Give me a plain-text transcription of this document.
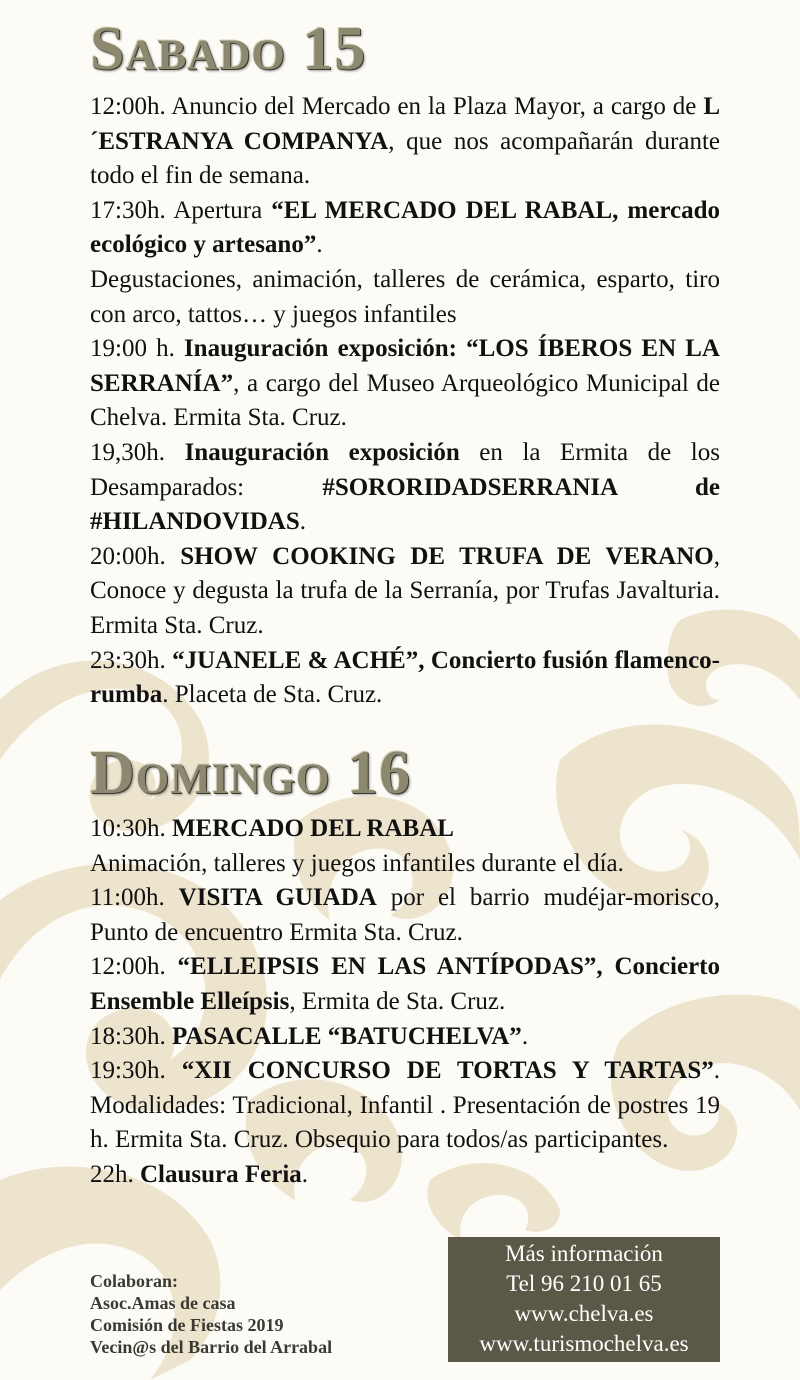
Sabado 15

12:00h. Anuncio del Mercado en la Plaza Mayor, a cargo de L´ESTRANYA COMPANYA, que nos acompañarán durante todo el fin de semana.

17:30h. Apertura “EL MERCADO DEL RABAL, mercado ecológico y artesano”.

Degustaciones, animación, talleres de cerámica, esparto, tiro con arco, tattos… y juegos infantiles

19:00 h. Inauguración exposición: “LOS ÍBEROS EN LA SERRANÍA”, a cargo del Museo Arqueológico Municipal de Chelva. Ermita Sta. Cruz.

19,30h. Inauguración exposición en la Ermita de los Desamparados: #SORORIDADSERRANIA de #HILANDOVIDAS.

20:00h. SHOW COOKING DE TRUFA DE VERANO, Conoce y degusta la trufa de la Serranía, por Trufas Javalturia. Ermita Sta. Cruz.

23:30h. “JUANELE & ACHÉ”, Concierto fusión flamenco-rumba. Placeta de Sta. Cruz.

Domingo 16

10:30h. MERCADO DEL RABAL

Animación, talleres y juegos infantiles durante el día.

11:00h. VISITA GUIADA por el barrio mudéjar-morisco, Punto de encuentro Ermita Sta. Cruz.

12:00h. “ELLEIPSIS EN LAS ANTÍPODAS”, Concierto Ensemble Elleípsis, Ermita de Sta. Cruz.

18:30h. PASACALLE “BATUCHELVA”.

19:30h. “XII CONCURSO DE TORTAS Y TARTAS”. Modalidades: Tradicional, Infantil . Presentación de postres 19 h. Ermita Sta. Cruz. Obsequio para todos/as participantes.

22h. Clausura Feria.

Colaboran:
Asoc.Amas de casa
Comisión de Fiestas 2019
Vecin@s del Barrio del Arrabal
Más información
Tel 96 210 01 65
www.chelva.es
www.turismochelva.es
